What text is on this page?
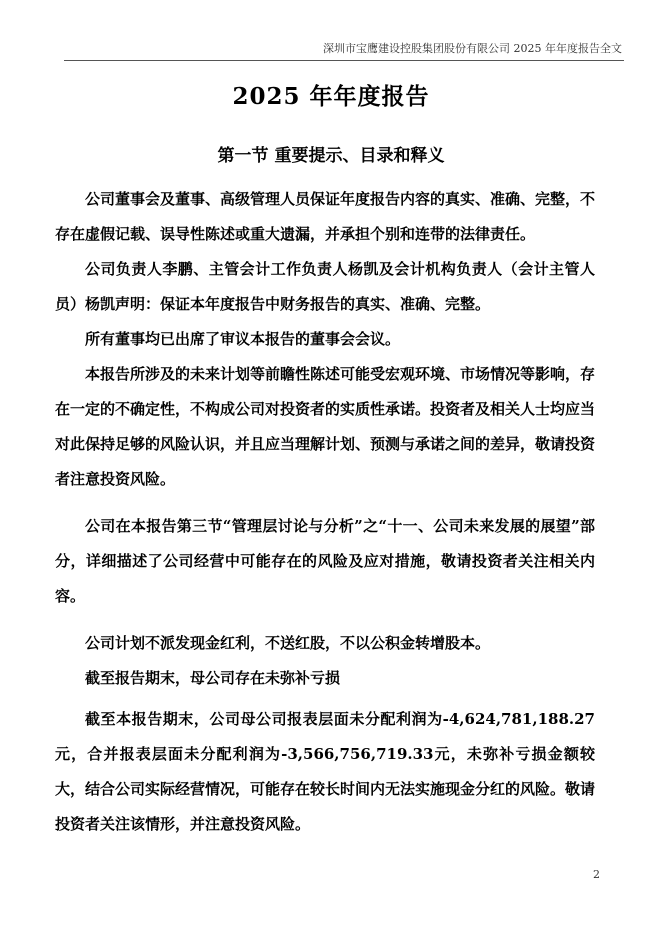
深圳市宝鹰建设控股集团股份有限公司 2025 年年度报告全文
2025 年年度报告
第一节 重要提示、目录和释义

公司董事会及董事、高级管理人员保证年度报告内容的真实、准确、完整，不存在虚假记载、误导性陈述或重大遗漏，并承担个别和连带的法律责任。

公司负责人李鹏、主管会计工作负责人杨凯及会计机构负责人（会计主管人员）杨凯声明：保证本年度报告中财务报告的真实、准确、完整。

所有董事均已出席了审议本报告的董事会会议。

本报告所涉及的未来计划等前瞻性陈述可能受宏观环境、市场情况等影响，存在一定的不确定性，不构成公司对投资者的实质性承诺。投资者及相关人士均应当对此保持足够的风险认识，并且应当理解计划、预测与承诺之间的差异，敬请投资者注意投资风险。

公司在本报告第三节“管理层讨论与分析”之“十一、公司未来发展的展望”部分，详细描述了公司经营中可能存在的风险及应对措施，敬请投资者关注相关内容。

公司计划不派发现金红利，不送红股，不以公积金转增股本。

截至报告期末，母公司存在未弥补亏损

截至本报告期末，公司母公司报表层面未分配利润为-4,624,781,188.27元，合并报表层面未分配利润为-3,566,756,719.33元，未弥补亏损金额较大，结合公司实际经营情况，可能存在较长时间内无法实施现金分红的风险。敬请投资者关注该情形，并注意投资风险。

2
